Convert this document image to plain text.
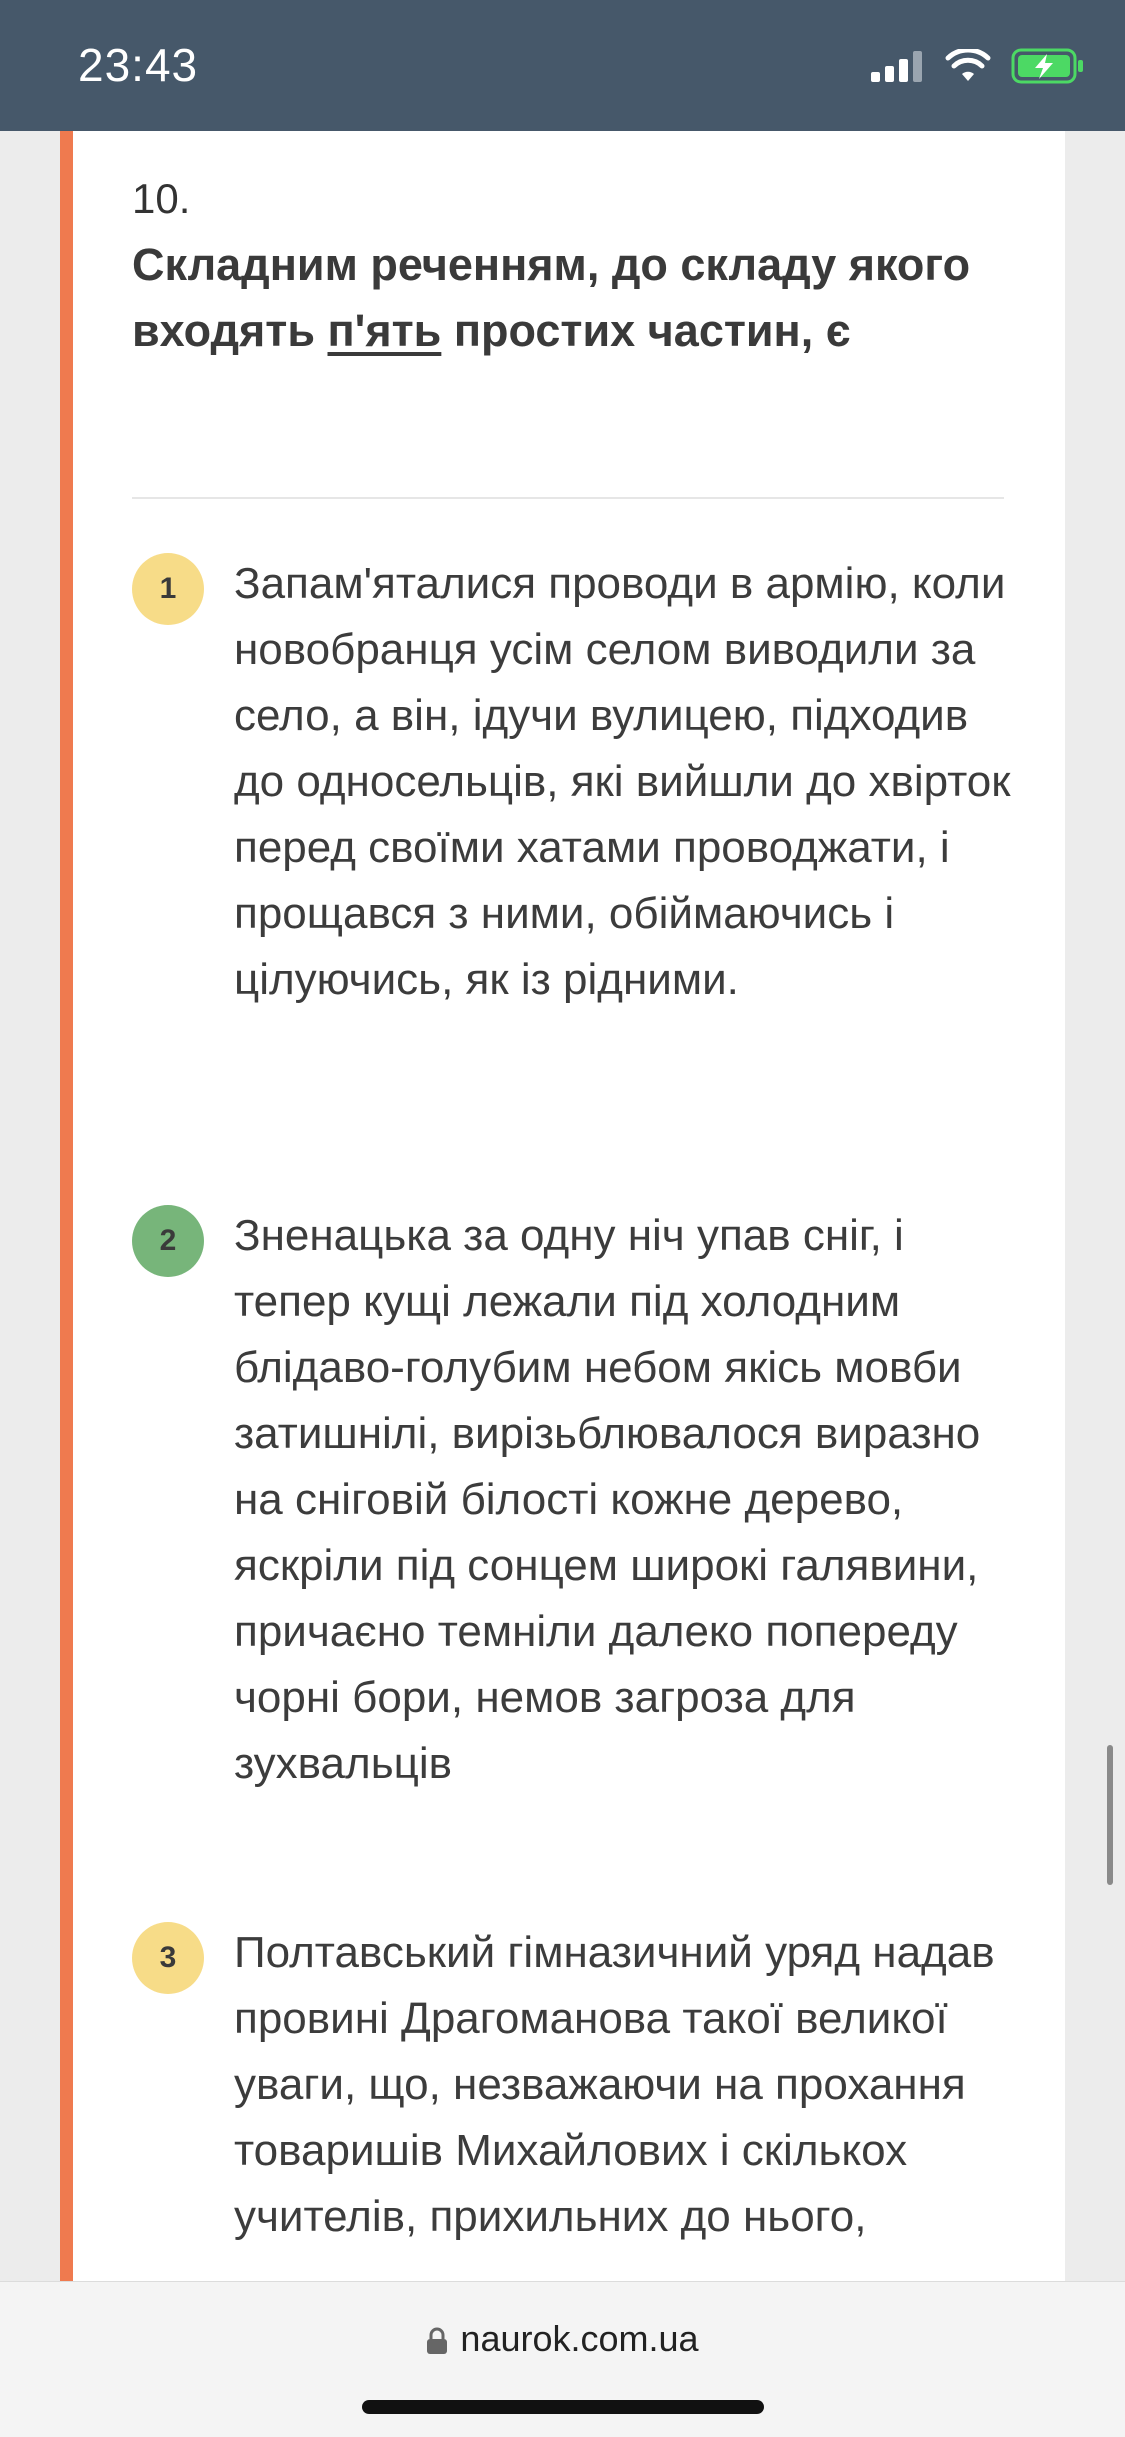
23:43
10.
Складним реченням, до складу якого входять п'ять простих частин, є
1	Запам'яталися проводи в армію, коли новобранця усім селом виводили за село, а він, ідучи вулицею, підходив до односельців, які вийшли до хвірток перед своїми хатами проводжати, і прощався з ними, обіймаючись і цілуючись, як із рідними.
2	Зненацька за одну ніч упав сніг, і тепер кущі лежали під холодним блідаво-голубим небом якісь мовби затишнілі, вирізьблювалося виразно на сніговій білості кожне дерево, яскріли під сонцем широкі галявини, причаєно темніли далеко попереду чорні бори, немов загроза для зухвальців
3	Полтавський гімназичний уряд надав провині Драгоманова такої великої уваги, що, незважаючи на прохання товаришів Михайлових і скількох учителів, прихильних до нього,
naurok.com.ua
